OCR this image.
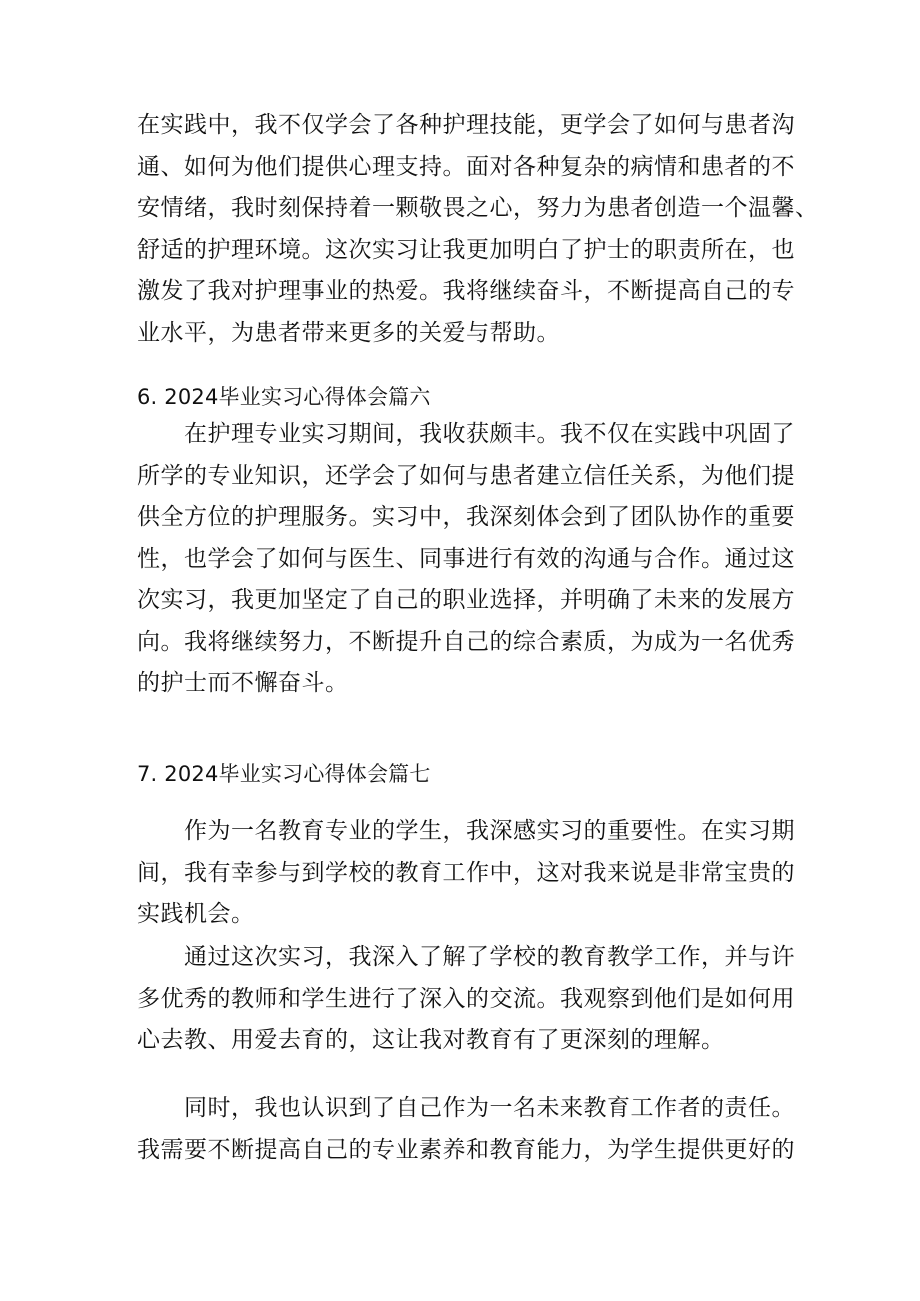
在实践中，我不仅学会了各种护理技能，更学会了如何与患者沟
通、如何为他们提供心理支持。面对各种复杂的病情和患者的不
安情绪，我时刻保持着一颗敬畏之心，努力为患者创造一个温馨、
舒适的护理环境。这次实习让我更加明白了护士的职责所在，也
激发了我对护理事业的热爱。我将继续奋斗，不断提高自己的专
业水平，为患者带来更多的关爱与帮助。

6. 2024毕业实习心得体会篇六

在护理专业实习期间，我收获颇丰。我不仅在实践中巩固了
所学的专业知识，还学会了如何与患者建立信任关系，为他们提
供全方位的护理服务。实习中，我深刻体会到了团队协作的重要
性，也学会了如何与医生、同事进行有效的沟通与合作。通过这
次实习，我更加坚定了自己的职业选择，并明确了未来的发展方
向。我将继续努力，不断提升自己的综合素质，为成为一名优秀
的护士而不懈奋斗。

7. 2024毕业实习心得体会篇七

作为一名教育专业的学生，我深感实习的重要性。在实习期
间，我有幸参与到学校的教育工作中，这对我来说是非常宝贵的
实践机会。

通过这次实习，我深入了解了学校的教育教学工作，并与许
多优秀的教师和学生进行了深入的交流。我观察到他们是如何用
心去教、用爱去育的，这让我对教育有了更深刻的理解。

同时，我也认识到了自己作为一名未来教育工作者的责任。
我需要不断提高自己的专业素养和教育能力，为学生提供更好的
